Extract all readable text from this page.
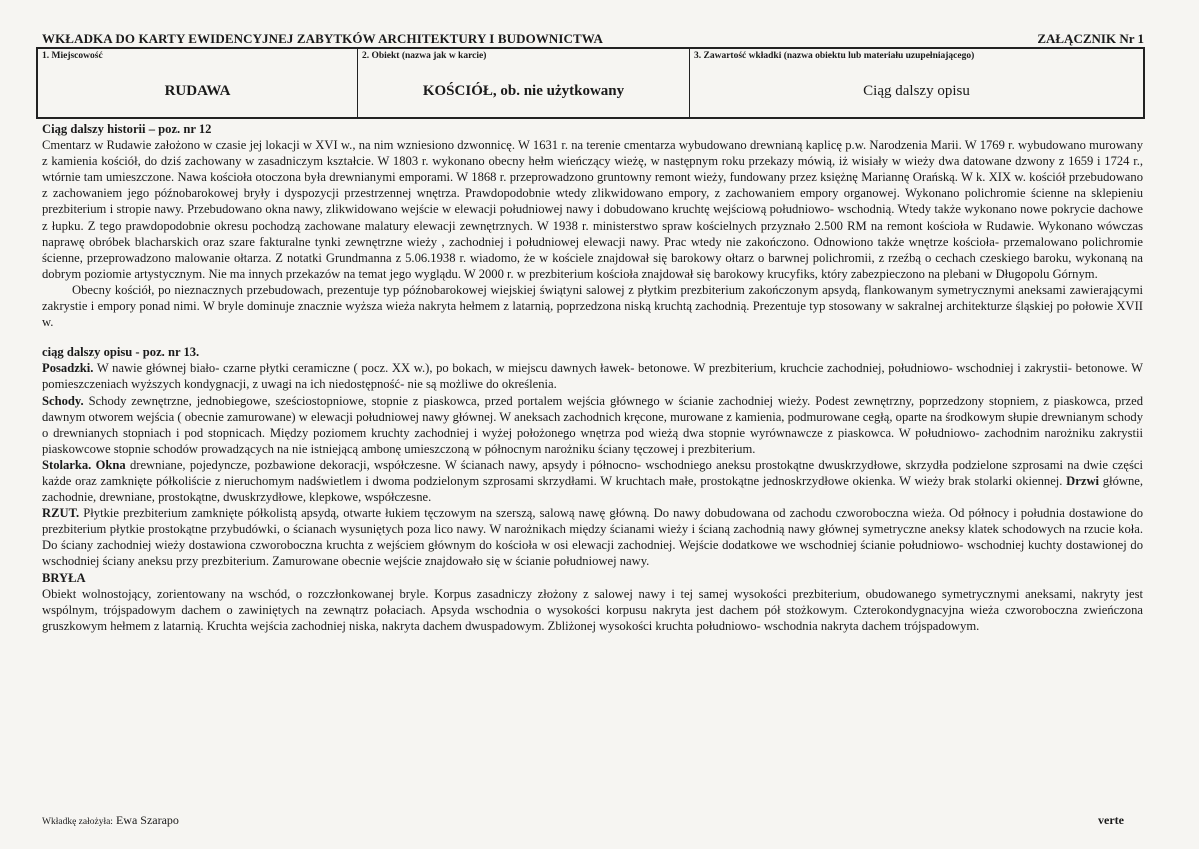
WKŁADKA DO KARTY EWIDENCYJNEJ ZABYTKÓW ARCHITEKTURY I BUDOWNICTWA	ZAŁĄCZNIK Nr 1
1. Miejscowość
RUDAWA
2. Obiekt (nazwa jak w karcie)
KOŚCIÓŁ, ob. nie użytkowany
3. Zawartość wkładki (nazwa obiektu lub materiału uzupełniającego)
Ciąg dalszy opisu

Ciąg dalszy historii – poz. nr 12

Cmentarz w Rudawie założono w czasie jej lokacji w XVI w., na nim wzniesiono dzwonnicę. W 1631 r. na terenie cmentarza wybudowano drewnianą kaplicę p.w. Narodzenia Marii. W 1769 r. wybudowano murowany z kamienia kościół, do dziś zachowany w zasadniczym kształcie. W 1803 r. wykonano obecny hełm wieńczący wieżę, w następnym roku przekazy mówią, iż wisiały w wieży dwa datowane dzwony z 1659 i 1724 r., wtórnie tam umieszczone. Nawa kościoła otoczona była drewnianymi emporami. W 1868 r. przeprowadzono gruntowny remont wieży, fundowany przez księżnę Mariannę Orańską. W k. XIX w. kościół przebudowano z zachowaniem jego późnobarokowej bryły i dyspozycji przestrzennej wnętrza. Prawdopodobnie wtedy zlikwidowano empory, z zachowaniem empory organowej. Wykonano polichromie ścienne na sklepieniu prezbiterium i stropie nawy. Przebudowano okna nawy, zlikwidowano wejście w elewacji południowej nawy i dobudowano kruchtę wejściową południowo- wschodnią. Wtedy także wykonano nowe pokrycie dachowe z łupku. Z tego prawdopodobnie okresu pochodzą zachowane malatury elewacji zewnętrznych. W 1938 r. ministerstwo spraw kościelnych przyznało 2.500 RM na remont kościoła w Rudawie. Wykonano wówczas naprawę obróbek blacharskich oraz szare fakturalne tynki zewnętrzne wieży , zachodniej i południowej elewacji nawy. Prac wtedy nie zakończono. Odnowiono także wnętrze kościoła- przemalowano polichromie ścienne, przeprowadzono malowanie ołtarza. Z notatki Grundmanna z 5.06.1938 r. wiadomo, że w kościele znajdował się barokowy ołtarz o barwnej polichromii, z rzeźbą o cechach czeskiego baroku, wykonaną na dobrym poziomie artystycznym. Nie ma innych przekazów na temat jego wyglądu. W 2000 r. w prezbiterium kościoła znajdował się barokowy krucyfiks, który zabezpieczono na plebani w Długopolu Górnym.

Obecny kościół, po nieznacznych przebudowach, prezentuje typ późnobarokowej wiejskiej świątyni salowej z płytkim prezbiterium zakończonym apsydą, flankowanym symetrycznymi aneksami zawierającymi zakrystie i empory ponad nimi. W bryle dominuje znacznie wyższa wieża nakryta hełmem z latarnią, poprzedzona niską kruchtą zachodnią. Prezentuje typ stosowany w sakralnej architekturze śląskiej po połowie XVII w.

ciąg dalszy opisu - poz. nr 13.

Posadzki. W nawie głównej biało- czarne płytki ceramiczne ( pocz. XX w.), po bokach, w miejscu dawnych ławek- betonowe. W prezbiterium, kruchcie zachodniej, południowo- wschodniej i zakrystii- betonowe. W pomieszczeniach wyższych kondygnacji, z uwagi na ich niedostępność- nie są możliwe do określenia.

Schody. Schody zewnętrzne, jednobiegowe, sześciostopniowe, stopnie z piaskowca, przed portalem wejścia głównego w ścianie zachodniej wieży. Podest zewnętrzny, poprzedzony stopniem, z piaskowca, przed dawnym otworem wejścia ( obecnie zamurowane) w elewacji południowej nawy głównej. W aneksach zachodnich kręcone, murowane z kamienia, podmurowane cegłą, oparte na środkowym słupie drewnianym schody o drewnianych stopniach i pod stopnicach. Między poziomem kruchty zachodniej i wyżej położonego wnętrza pod wieżą dwa stopnie wyrównawcze z piaskowca. W południowo- zachodnim narożniku zakrystii piaskowcowe stopnie schodów prowadzących na nie istniejącą ambonę umieszczoną w północnym narożniku ściany tęczowej i prezbiterium.

Stolarka. Okna drewniane, pojedyncze, pozbawione dekoracji, współczesne. W ścianach nawy, apsydy i północno- wschodniego aneksu prostokątne dwuskrzydłowe, skrzydła podzielone szprosami na dwie części każde oraz zamknięte półkoliście z nieruchomym nadświetlem i dwoma podzielonym szprosami skrzydłami. W kruchtach małe, prostokątne jednoskrzydłowe okienka. W wieży brak stolarki okiennej. Drzwi główne, zachodnie, drewniane, prostokątne, dwuskrzydłowe, klepkowe, współczesne.

RZUT. Płytkie prezbiterium zamknięte półkolistą apsydą, otwarte łukiem tęczowym na szerszą, salową nawę główną. Do nawy dobudowana od zachodu czworoboczna wieża. Od północy i południa dostawione do prezbiterium płytkie prostokątne przybudówki, o ścianach wysuniętych poza lico nawy. W narożnikach między ścianami wieży i ścianą zachodnią nawy głównej symetryczne aneksy klatek schodowych na rzucie koła. Do ściany zachodniej wieży dostawiona czworoboczna kruchta z wejściem głównym do kościoła w osi elewacji zachodniej. Wejście dodatkowe we wschodniej ścianie południowo- wschodniej kuchty dostawionej do wschodniej ściany aneksu przy prezbiterium. Zamurowane obecnie wejście znajdowało się w ścianie południowej nawy.

BRYŁA

Obiekt wolnostojący, zorientowany na wschód, o rozczłonkowanej bryle. Korpus zasadniczy złożony z salowej nawy i tej samej wysokości prezbiterium, obudowanego symetrycznymi aneksami, nakryty jest wspólnym, trójspadowym dachem o zawiniętych na zewnątrz połaciach. Apsyda wschodnia o wysokości korpusu nakryta jest dachem pół stożkowym. Czterokondygnacyjna wieża czworoboczna zwieńczona gruszkowym hełmem z latarnią. Kruchta wejścia zachodniej niska, nakryta dachem dwuspadowym. Zbliżonej wysokości kruchta południowo- wschodnia nakryta dachem trójspadowym.

Wkładkę założyła: Ewa Szarapo	verte
